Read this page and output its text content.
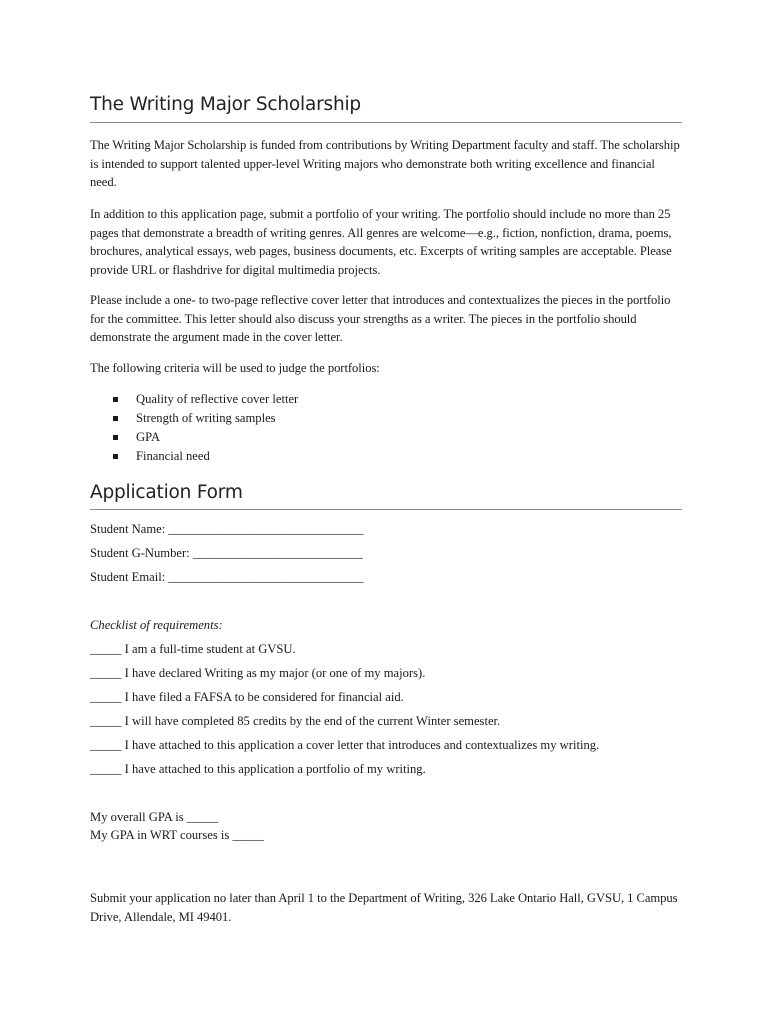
The Writing Major Scholarship

The Writing Major Scholarship is funded from contributions by Writing Department faculty and staff. The scholarship is intended to support talented upper-level Writing majors who demonstrate both writing excellence and financial need.

In addition to this application page, submit a portfolio of your writing. The portfolio should include no more than 25 pages that demonstrate a breadth of writing genres. All genres are welcome—e.g., fiction, nonfiction, drama, poems, brochures, analytical essays, web pages, business documents, etc. Excerpts of writing samples are acceptable. Please provide URL or flashdrive for digital multimedia projects.

Please include a one- to two-page reflective cover letter that introduces and contextualizes the pieces in the portfolio for the committee. This letter should also discuss your strengths as a writer. The pieces in the portfolio should demonstrate the argument made in the cover letter.

The following criteria will be used to judge the portfolios:

Quality of reflective cover letter
Strength of writing samples
GPA
Financial need
Application Form
Student Name: _______________________________
Student G-Number: ___________________________
Student Email: _______________________________
Checklist of requirements:
_____ I am a full-time student at GVSU.
_____ I have declared Writing as my major (or one of my majors).
_____ I have filed a FAFSA to be considered for financial aid.
_____ I will have completed 85 credits by the end of the current Winter semester.
_____ I have attached to this application a cover letter that introduces and contextualizes my writing.
_____ I have attached to this application a portfolio of my writing.
My overall GPA is _____
My GPA in WRT courses is _____

Submit your application no later than April 1 to the Department of Writing, 326 Lake Ontario Hall, GVSU, 1 Campus Drive, Allendale, MI 49401.
